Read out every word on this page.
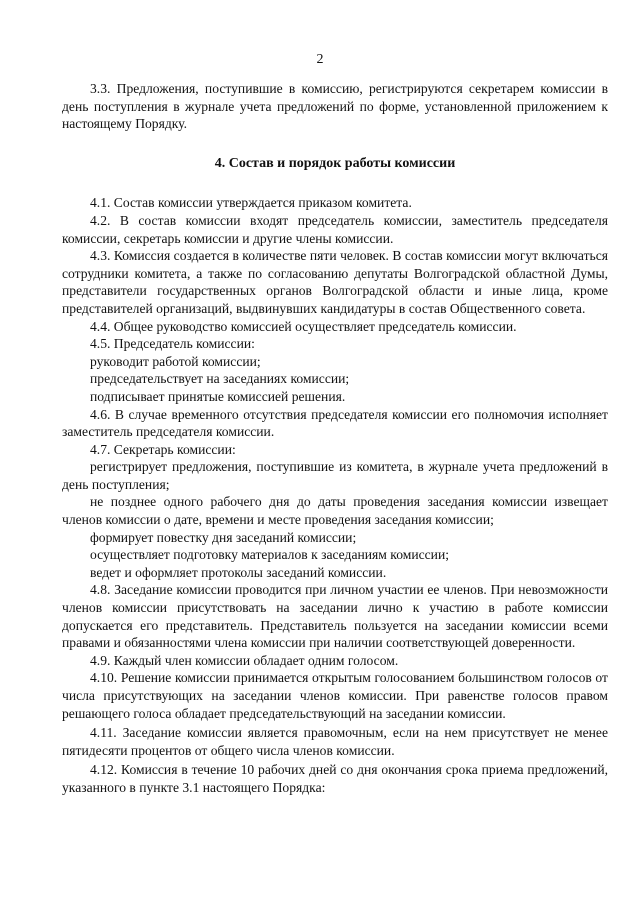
2

3.3. Предложения, поступившие в комиссию, регистрируются секретарем комиссии в день поступления в журнале учета предложений по форме, установленной приложением к настоящему Порядку.

4. Состав и порядок работы комиссии

4.1. Состав комиссии утверждается приказом комитета.

4.2. В состав комиссии входят председатель комиссии, заместитель председателя комиссии, секретарь комиссии и другие члены комиссии.

4.3. Комиссия создается в количестве пяти человек. В состав комиссии могут включаться сотрудники комитета, а также по согласованию депутаты Волгоградской областной Думы, представители государственных органов Волгоградской области и иные лица, кроме представителей организаций, выдвинувших кандидатуры в состав Общественного совета.

4.4. Общее руководство комиссией осуществляет председатель комиссии.

4.5. Председатель комиссии:

руководит работой комиссии;

председательствует на заседаниях комиссии;

подписывает принятые комиссией решения.

4.6. В случае временного отсутствия председателя комиссии его полномочия исполняет заместитель председателя комиссии.

4.7. Секретарь комиссии:

регистрирует предложения, поступившие из комитета, в журнале учета предложений в день поступления;

не позднее одного рабочего дня до даты проведения заседания комиссии извещает членов комиссии о дате, времени и месте проведения заседания комиссии;

формирует повестку дня заседаний комиссии;

осуществляет подготовку материалов к заседаниям комиссии;

ведет и оформляет протоколы заседаний комиссии.

4.8. Заседание комиссии проводится при личном участии ее членов. При невозможности членов комиссии присутствовать на заседании лично к участию в работе комиссии допускается его представитель. Представитель пользуется на заседании комиссии всеми правами и обязанностями члена комиссии при наличии соответствующей доверенности.

4.9. Каждый член комиссии обладает одним голосом.

4.10. Решение комиссии принимается открытым голосованием большинством голосов от числа присутствующих на заседании членов комиссии. При равенстве голосов правом решающего голоса обладает председательствующий на заседании комиссии.

4.11. Заседание комиссии является правомочным, если на нем присутствует не менее пятидесяти процентов от общего числа членов комиссии.

4.12. Комиссия в течение 10 рабочих дней со дня окончания срока приема предложений, указанного в пункте 3.1 настоящего Порядка:
